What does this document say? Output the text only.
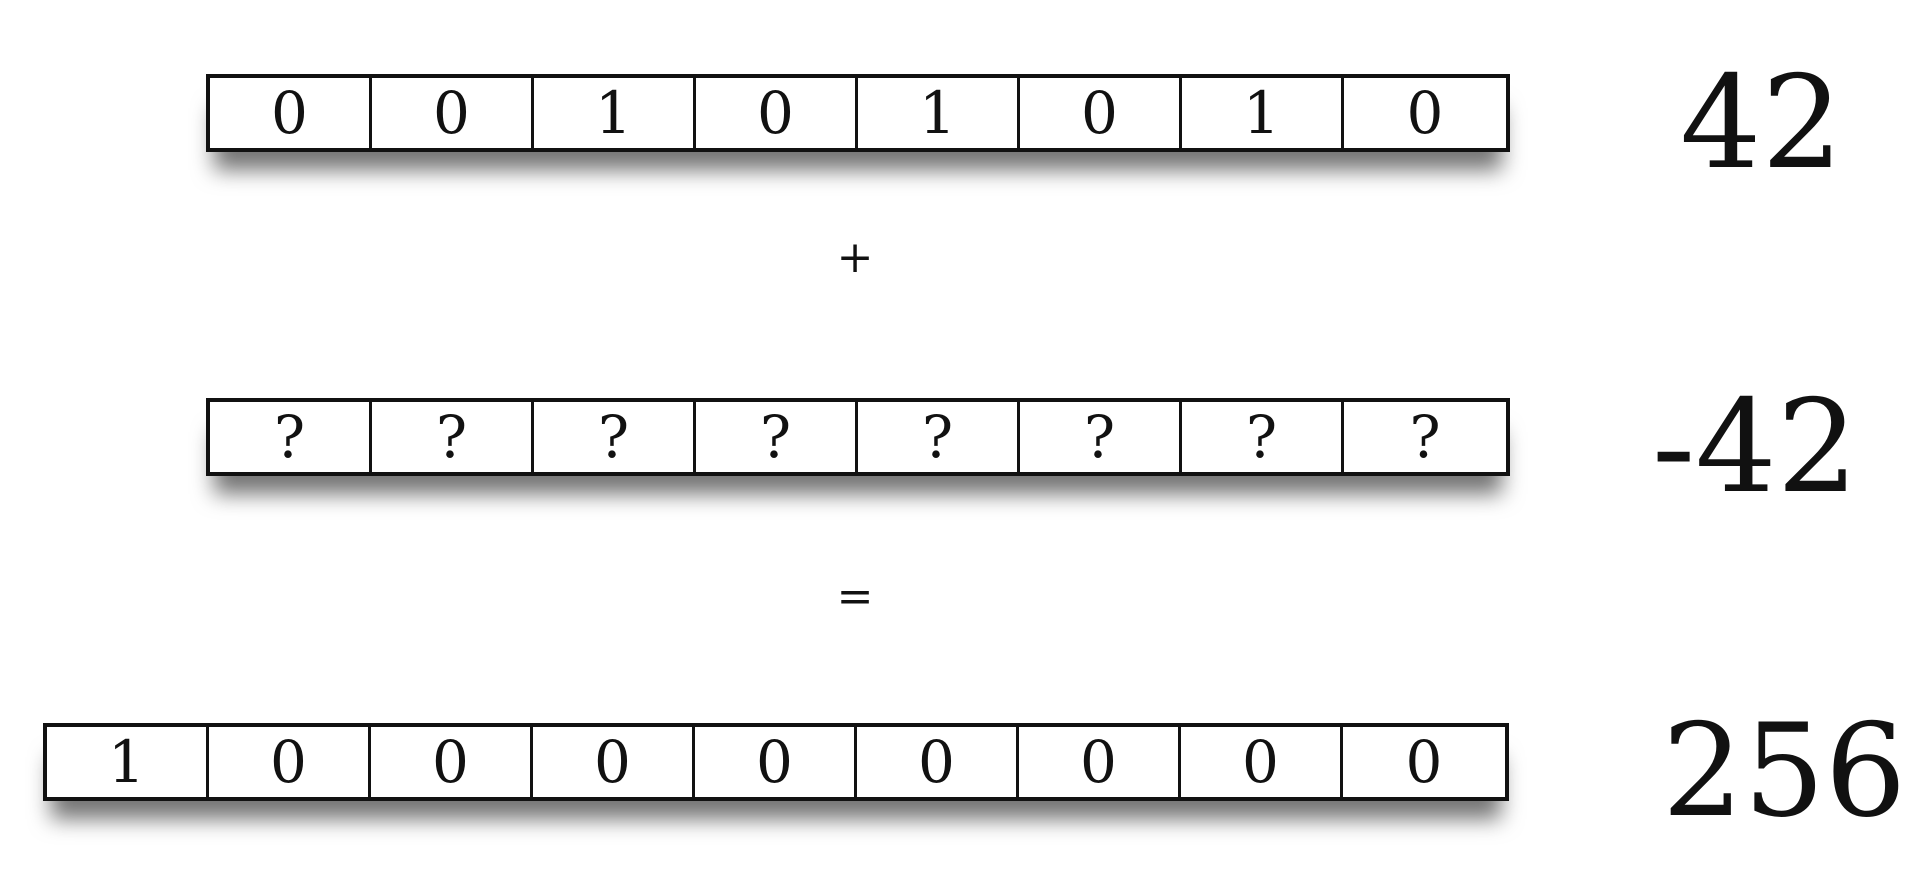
0	0	1	0	1	0	1	0	42
+
?	?	?	?	?	?	?	?	-42
=
1	0	0	0	0	0	0	0	0	256
